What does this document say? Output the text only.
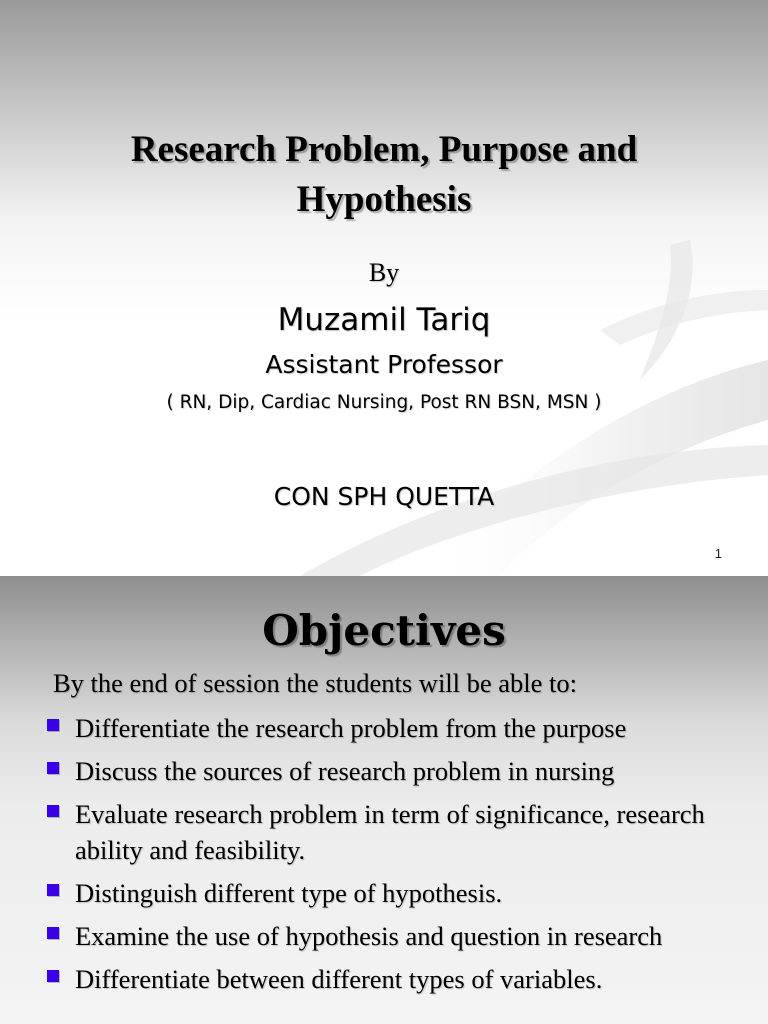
Research Problem, Purpose and Hypothesis
By
Muzamil Tariq
Assistant Professor
( RN, Dip, Cardiac Nursing, Post RN BSN, MSN )
CON SPH QUETTA
1
Objectives
By the end of session the students will be able to:
Differentiate the research problem from the purpose
Discuss the sources of research problem in nursing
Evaluate research problem in term of significance, research ability and feasibility.
Distinguish different type of hypothesis.
Examine the use of hypothesis and question in research
Differentiate between different types of variables.
